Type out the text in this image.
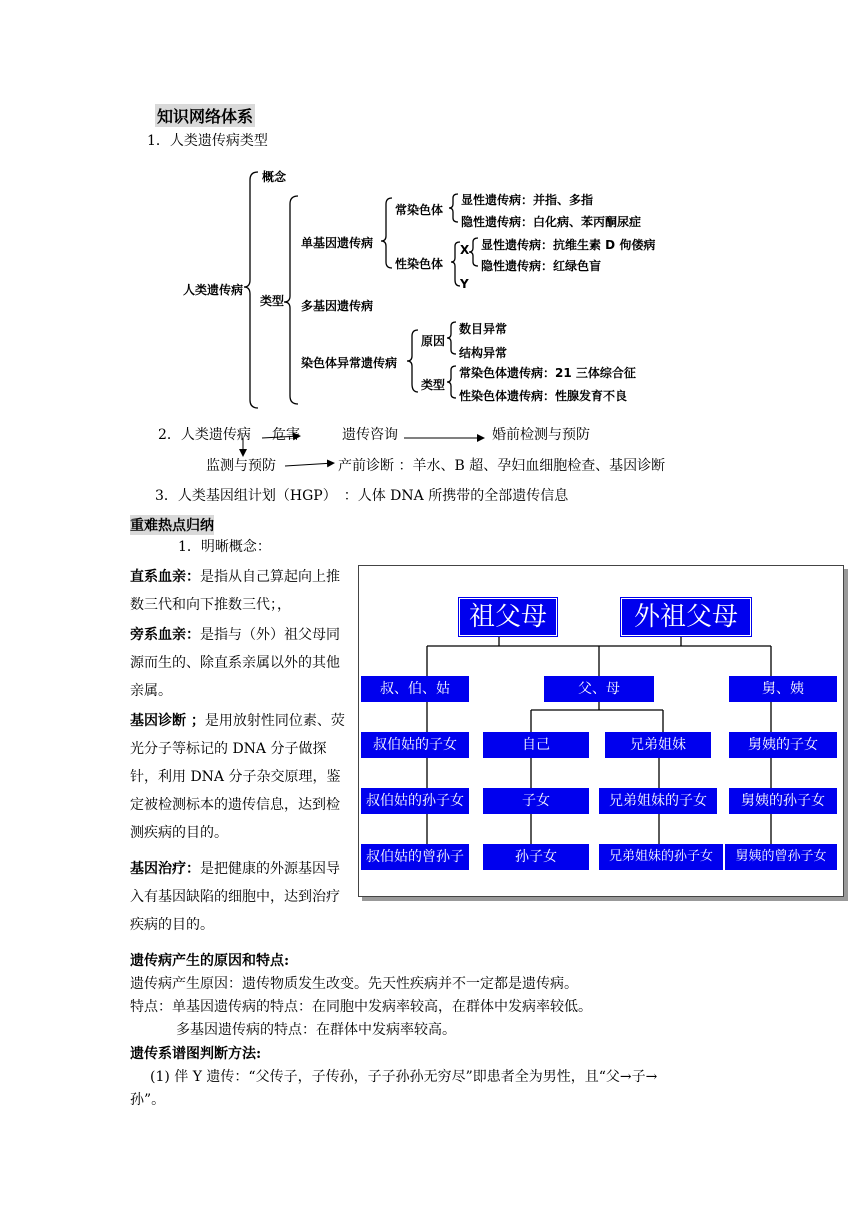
知识网络体系
1．人类遗传病类型
概念
人类遗传病
类型
单基因遗传病
常染色体
显性遗传病：并指、多指
隐性遗传病：白化病、苯丙酮尿症
性染色体
X
Y
显性遗传病：抗维生素 D 佝偻病
隐性遗传病：红绿色盲
多基因遗传病
染色体异常遗传病
原因
数目异常
结构异常
类型
常染色体遗传病：21 三体综合征
性染色体遗传病：性腺发育不良
2．人类遗传病 危害	遗传咨询	婚前检测与预防
监测与预防	产前诊断 ：羊水、B 超、孕妇血细胞检查、基因诊断
3．人类基因组计划（HGP）　：人体 DNA 所携带的全部遗传信息
重难热点归纳
1．明晰概念：
直系血亲：是指从自己算起向上推数三代和向下推数三代；，
旁系血亲：是指与（外）祖父母同源而生的、除直系亲属以外的其他亲属。
基因诊断 ；是用放射性同位素、荧光分子等标记的 DNA 分子做探针，利用 DNA 分子杂交原理，鉴定被检测标本的遗传信息，达到检测疾病的目的。
基因治疗：是把健康的外源基因导入有基因缺陷的细胞中，达到治疗疾病的目的。
祖父母	外祖父母
叔、伯、姑	父、母	舅、姨
叔伯姑的子女	自己	兄弟姐妹	舅姨的子女
叔伯姑的孙子女	子女	兄弟姐妹的子女	舅姨的孙子女
叔伯姑的曾孙子	孙子女	兄弟姐妹的孙子女	舅姨的曾孙子女
遗传病产生的原因和特点:
遗传病产生原因：遗传物质发生改变。先天性疾病并不一定都是遗传病。
特点：单基因遗传病的特点：在同胞中发病率较高，在群体中发病率较低。
多基因遗传病的特点：在群体中发病率较高。
遗传系谱图判断方法:
(1) 伴 Y 遗传：“父传子，子传孙，子子孙孙无穷尽”即患者全为男性，且“父→子→
孙”。
